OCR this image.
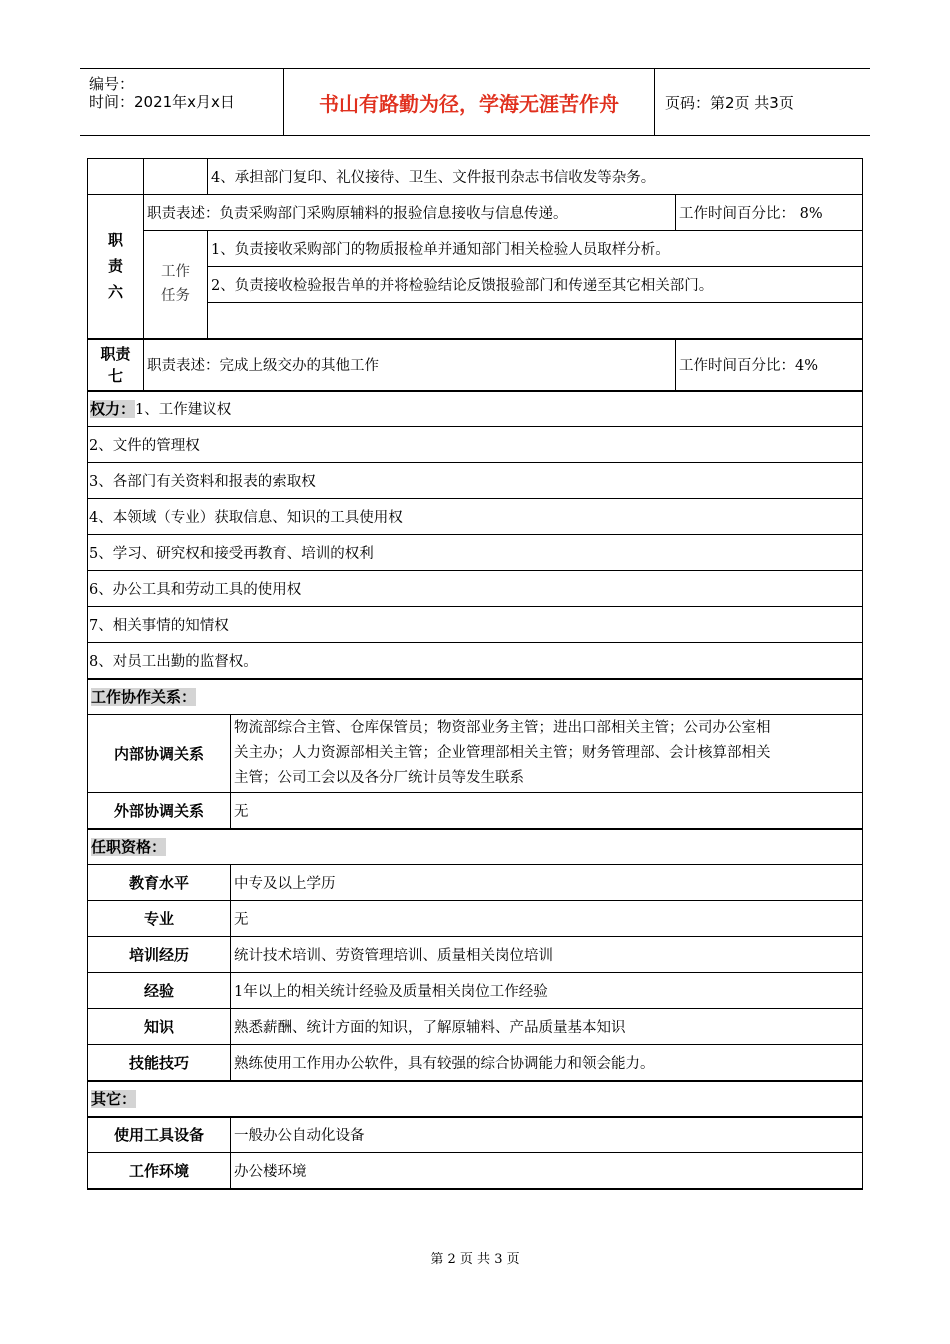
编号：
时间：2021年x月x日	书山有路勤为径，学海无涯苦作舟	页码：第2页 共3页
		4、承担部门复印、礼仪接待、卫生、文件报刊杂志书信收发等杂务。		

职
责
六	职责表述：负责采购部门采购原辅料的报验信息接收与信息传递。			工作时间百分比： 8%

	工作
任务	1、负责接收采购部门的物质报检单并通知部门相关检验人员取样分析。		
		2、负责接收检验报告单的并将检验结论反馈报验部门和传递至其它相关部门。		

职责
七	职责表述：完成上级交办的其他工作			工作时间百分比：4%
权力：1、工作建议权				
2、文件的管理权				
3、各部门有关资料和报表的索取权				
4、本领域（专业）获取信息、知识的工具使用权				
5、学习、研究权和接受再教育、培训的权利				
6、办公工具和劳动工具的使用权				
7、相关事情的知情权				
8、对员工出勤的监督权。				
工作协作关系：				
内部协调关系			物流部综合主管、仓库保管员；物资部业务主管；进出口部相关主管；公司办公室相
关主办；人力资源部相关主管；企业管理部相关主管；财务管理部、会计核算部相关
主管；公司工会以及各分厂统计员等发生联系	

外部协调关系			无	
任职资格：				
教育水平			中专及以上学历	
专业			无	
培训经历			统计技术培训、劳资管理培训、质量相关岗位培训	
经验			1年以上的相关统计经验及质量相关岗位工作经验	
知识			熟悉薪酬、统计方面的知识，了解原辅料、产品质量基本知识	
技能技巧			熟练使用工作用办公软件，具有较强的综合协调能力和领会能力。	
其它：				
使用工具设备			一般办公自动化设备	
工作环境			办公楼环境	
第 2 页 共 3 页
